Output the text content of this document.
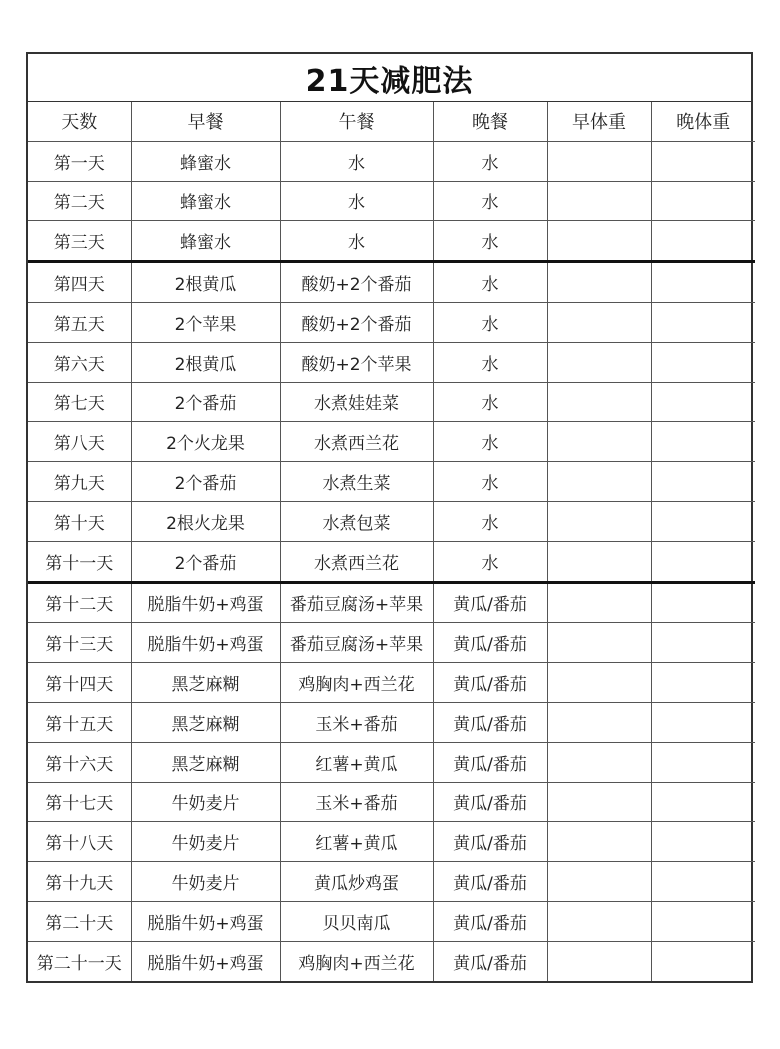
21天减肥法
天数	早餐	午餐	晚餐	早体重	晚体重
第一天	蜂蜜水	水	水		
第二天	蜂蜜水	水	水		
第三天	蜂蜜水	水	水		
第四天	2根黄瓜	酸奶+2个番茄	水		
第五天	2个苹果	酸奶+2个番茄	水		
第六天	2根黄瓜	酸奶+2个苹果	水		
第七天	2个番茄	水煮娃娃菜	水		
第八天	2个火龙果	水煮西兰花	水		
第九天	2个番茄	水煮生菜	水		
第十天	2根火龙果	水煮包菜	水		
第十一天	2个番茄	水煮西兰花	水		
第十二天	脱脂牛奶+鸡蛋	番茄豆腐汤+苹果	黄瓜/番茄		
第十三天	脱脂牛奶+鸡蛋	番茄豆腐汤+苹果	黄瓜/番茄		
第十四天	黑芝麻糊	鸡胸肉+西兰花	黄瓜/番茄		
第十五天	黑芝麻糊	玉米+番茄	黄瓜/番茄		
第十六天	黑芝麻糊	红薯+黄瓜	黄瓜/番茄		
第十七天	牛奶麦片	玉米+番茄	黄瓜/番茄		
第十八天	牛奶麦片	红薯+黄瓜	黄瓜/番茄		
第十九天	牛奶麦片	黄瓜炒鸡蛋	黄瓜/番茄		
第二十天	脱脂牛奶+鸡蛋	贝贝南瓜	黄瓜/番茄		
第二十一天	脱脂牛奶+鸡蛋	鸡胸肉+西兰花	黄瓜/番茄		
